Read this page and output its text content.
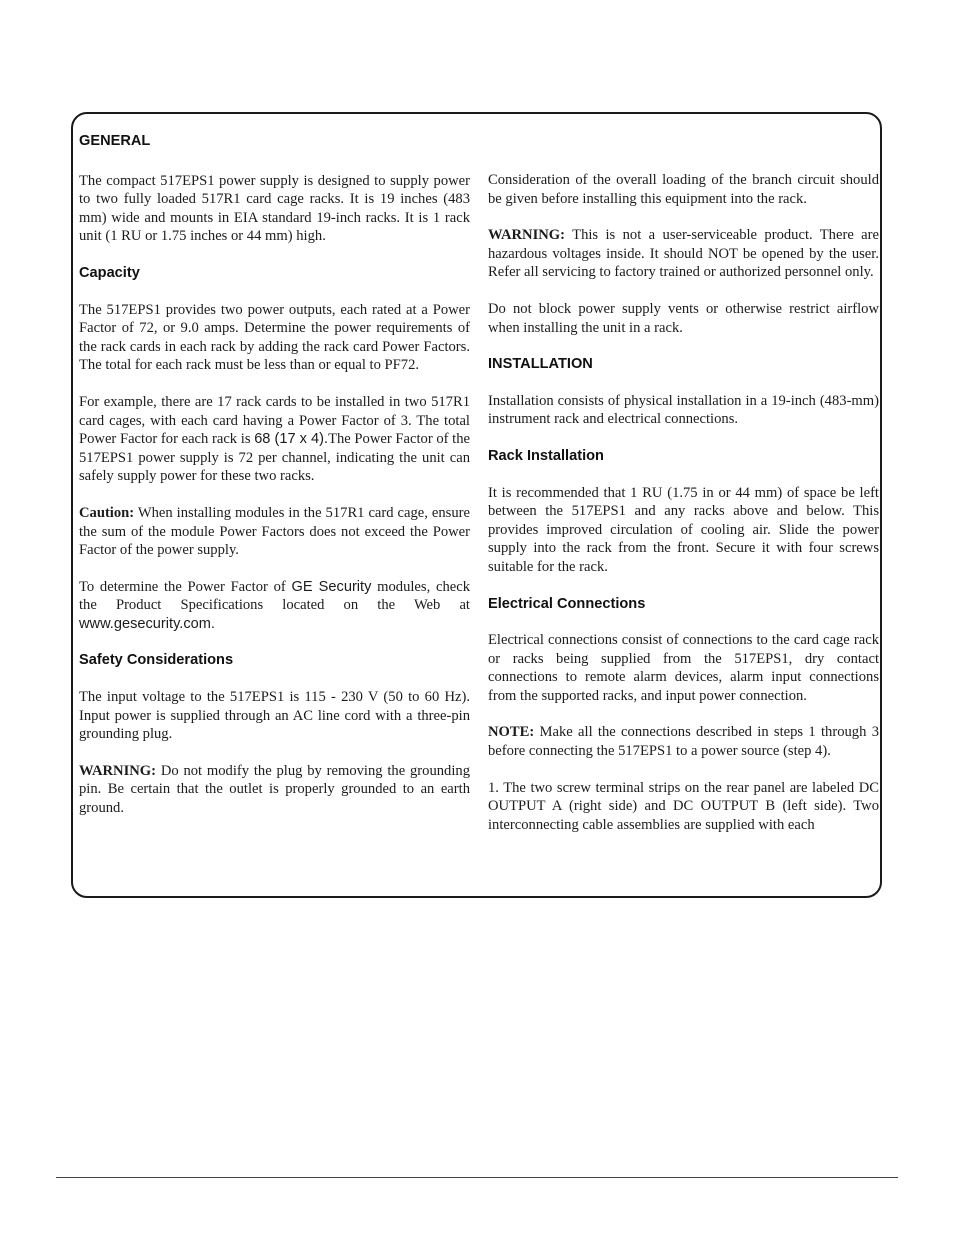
GENERAL

The compact 517EPS1 power supply is designed to supply power to two fully loaded 517R1 card cage racks. It is 19 inches (483 mm) wide and mounts in EIA standard 19-inch racks. It is 1 rack unit (1 RU or 1.75 inches or 44 mm) high.

Capacity

The 517EPS1 provides two power outputs, each rated at a Power Factor of 72, or 9.0 amps. Determine the power requirements of the rack cards in each rack by adding the rack card Power Factors. The total for each rack must be less than or equal to PF72.

For example, there are 17 rack cards to be installed in two 517R1 card cages, with each card having a Power Factor of 3. The total Power Factor for each rack is 68 (17 x 4).The Power Factor of the 517EPS1 power supply is 72 per channel, indicating the unit can safely supply power for these two racks.

Caution: When installing modules in the 517R1 card cage, ensure the sum of the module Power Factors does not exceed the Power Factor of the power supply.

To determine the Power Factor of GE Security modules, check the Product Specifications located on the Web at www.gesecurity.com.

Safety Considerations

The input voltage to the 517EPS1 is 115 - 230 V (50 to 60 Hz). Input power is supplied through an AC line cord with a three-pin grounding plug.

WARNING: Do not modify the plug by removing the grounding pin. Be certain that the outlet is properly grounded to an earth ground.

Consideration of the overall loading of the branch circuit should be given before installing this equipment into the rack.

WARNING: This is not a user-serviceable product. There are hazardous voltages inside. It should NOT be opened by the user. Refer all servicing to factory trained or authorized personnel only.

Do not block power supply vents or otherwise restrict airflow when installing the unit in a rack.

INSTALLATION

Installation consists of physical installation in a 19-inch (483-mm) instrument rack and electrical connections.

Rack Installation

It is recommended that 1 RU (1.75 in or 44 mm) of space be left between the 517EPS1 and any racks above and below. This provides improved circulation of cooling air. Slide the power supply into the rack from the front. Secure it with four screws suitable for the rack.

Electrical Connections

Electrical connections consist of connections to the card cage rack or racks being supplied from the 517EPS1, dry contact connections to remote alarm devices, alarm input connections from the supported racks, and input power connection.

NOTE: Make all the connections described in steps 1 through 3 before connecting the 517EPS1 to a power source (step 4).

1. The two screw terminal strips on the rear panel are labeled DC OUTPUT A (right side) and DC OUTPUT B (left side). Two interconnecting cable assemblies are supplied with each
